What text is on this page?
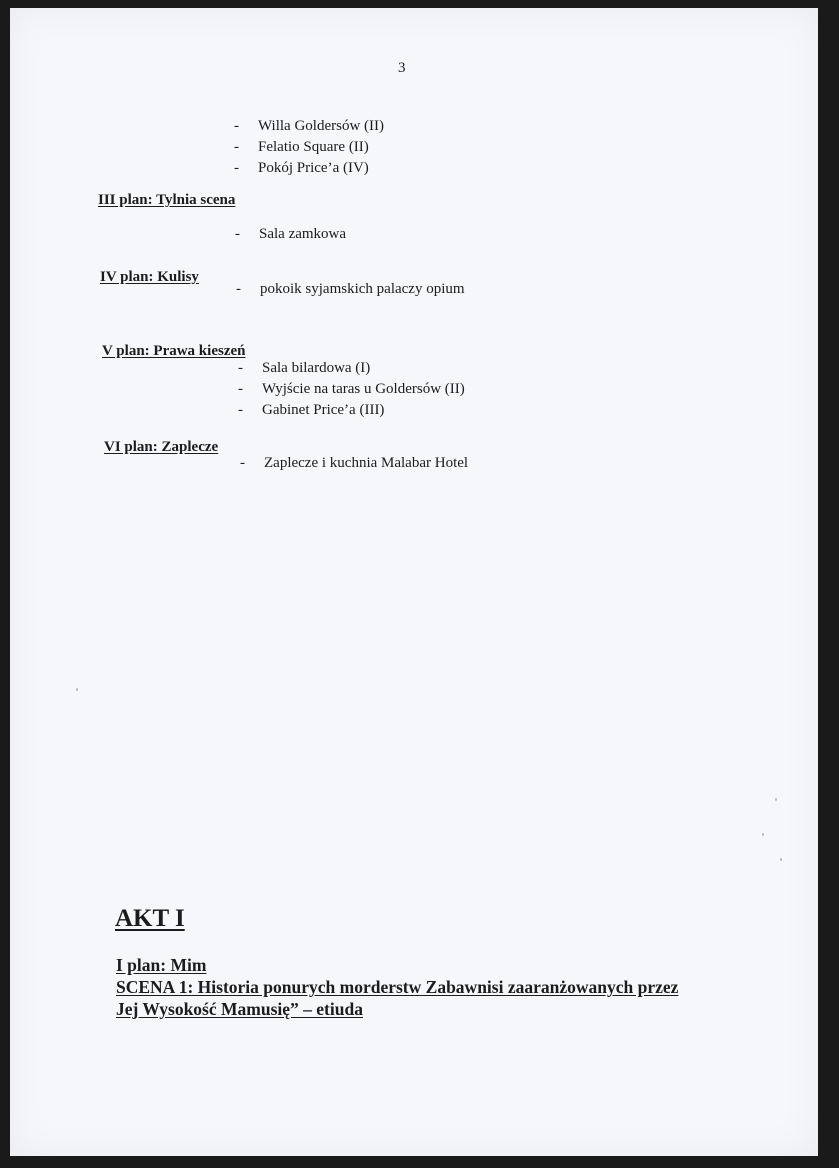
3
- Willa Goldersów (II)
- Felatio Square (II)
- Pokój Price’a (IV)
III plan: Tylnia scena
- Sala zamkowa
IV plan: Kulisy
- pokoik syjamskich palaczy opium
V plan: Prawa kieszeń
- Sala bilardowa (I)
- Wyjście na taras u Goldersów (II)
- Gabinet Price’a (III)
VI plan: Zaplecze
- Zaplecze i kuchnia Malabar Hotel
AKT I
I plan: Mim
SCENA 1: Historia ponurych morderstw Zabawnisi zaaranżowanych przez
Jej Wysokość Mamusię” – etiuda
